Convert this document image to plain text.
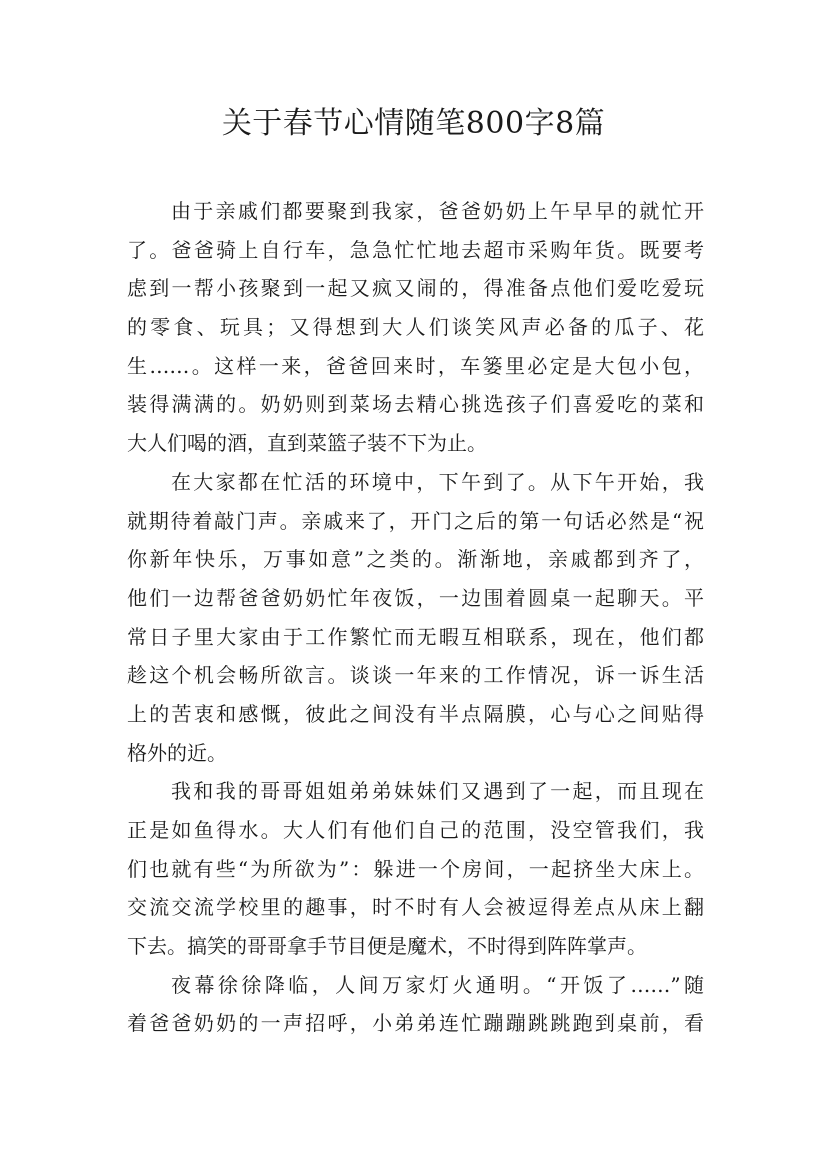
关于春节心情随笔800字8篇
由于亲戚们都要聚到我家，爸爸奶奶上午早早的就忙开
了。爸爸骑上自行车，急急忙忙地去超市采购年货。既要考
虑到一帮小孩聚到一起又疯又闹的，得准备点他们爱吃爱玩
的零食、玩具；又得想到大人们谈笑风声必备的瓜子、花
生……。这样一来，爸爸回来时，车篓里必定是大包小包，
装得满满的。奶奶则到菜场去精心挑选孩子们喜爱吃的菜和
大人们喝的酒，直到菜篮子装不下为止。
在大家都在忙活的环境中，下午到了。从下午开始，我
就期待着敲门声。亲戚来了，开门之后的第一句话必然是“祝
你新年快乐，万事如意”之类的。渐渐地，亲戚都到齐了，
他们一边帮爸爸奶奶忙年夜饭，一边围着圆桌一起聊天。平
常日子里大家由于工作繁忙而无暇互相联系，现在，他们都
趁这个机会畅所欲言。谈谈一年来的工作情况，诉一诉生活
上的苦衷和感慨，彼此之间没有半点隔膜，心与心之间贴得
格外的近。
我和我的哥哥姐姐弟弟妹妹们又遇到了一起，而且现在
正是如鱼得水。大人们有他们自己的范围，没空管我们，我
们也就有些“为所欲为”：躲进一个房间，一起挤坐大床上。
交流交流学校里的趣事，时不时有人会被逗得差点从床上翻
下去。搞笑的哥哥拿手节目便是魔术，不时得到阵阵掌声。
夜幕徐徐降临，人间万家灯火通明。“开饭了……”随
着爸爸奶奶的一声招呼，小弟弟连忙蹦蹦跳跳跑到桌前，看
